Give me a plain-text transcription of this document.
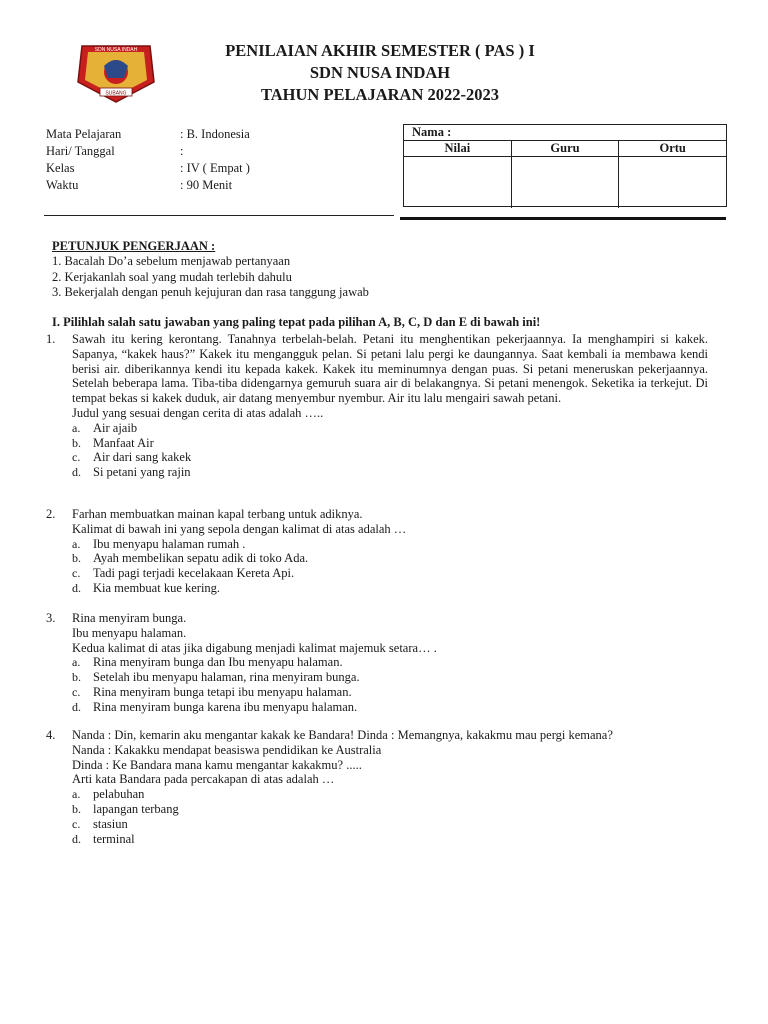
SDN NUSA INDAH
SUBANG
PENILAIAN AKHIR SEMESTER ( PAS ) I
SDN NUSA INDAH
TAHUN PELAJARAN 2022-2023
Mata Pelajaran	: B. Indonesia
Hari/ Tanggal	:
Kelas	: IV ( Empat )
Waktu	: 90 Menit
Nama :
Nilai	Guru	Ortu
PETUNJUK PENGERJAAN :
1. Bacalah Do’a sebelum menjawab pertanyaan
2. Kerjakanlah soal yang mudah terlebih dahulu
3. Bekerjalah dengan penuh kejujuran dan rasa tanggung jawab
I. Pilihlah salah satu jawaban yang paling tepat pada pilihan A, B, C, D dan E di bawah ini!
1. Sawah itu kering kerontang. Tanahnya terbelah-belah. Petani itu menghentikan pekerjaannya. Ia menghampiri si kakek. Sapanya, “kakek haus?” Kakek itu mengangguk pelan. Si petani lalu pergi ke daungannya. Saat kembali ia membawa kendi berisi air. diberikannya kendi itu kepada kakek. Kakek itu meminumnya dengan puas. Si petani meneruskan pekerjaannya. Setelah beberapa lama. Tiba-tiba didengarnya gemuruh suara air di belakangnya. Si petani menengok. Seketika ia terkejut. Di tempat bekas si kakek duduk, air datang menyembur nyembur. Air itu lalu mengairi sawah petani.
Judul yang sesuai dengan cerita di atas adalah …..
a.	Air ajaib
b. Manfaat Air
c.	Air dari sang kakek
d. Si petani yang rajin
2. Farhan membuatkan mainan kapal terbang untuk adiknya.
Kalimat di bawah ini yang sepola dengan kalimat di atas adalah …
a.	Ibu menyapu halaman rumah .
b. Ayah membelikan sepatu adik di toko Ada.
c.	Tadi pagi terjadi kecelakaan Kereta Api.
d. Kia membuat kue kering.
3. Rina menyiram bunga.
Ibu menyapu halaman.
Kedua kalimat di atas jika digabung menjadi kalimat majemuk setara… .
a.	Rina menyiram bunga dan Ibu menyapu halaman.
b. Setelah ibu menyapu halaman, rina menyiram bunga.
c.	Rina menyiram bunga tetapi ibu menyapu halaman.
d. Rina menyiram bunga karena ibu menyapu halaman.
4. Nanda : Din, kemarin aku mengantar kakak ke Bandara! Dinda : Memangnya, kakakmu mau pergi kemana?
Nanda : Kakakku mendapat beasiswa pendidikan ke Australia
Dinda : Ke Bandara mana kamu mengantar kakakmu? .....
Arti kata Bandara pada percakapan di atas adalah …
a.	pelabuhan
b. lapangan terbang
c.	stasiun
d. terminal
